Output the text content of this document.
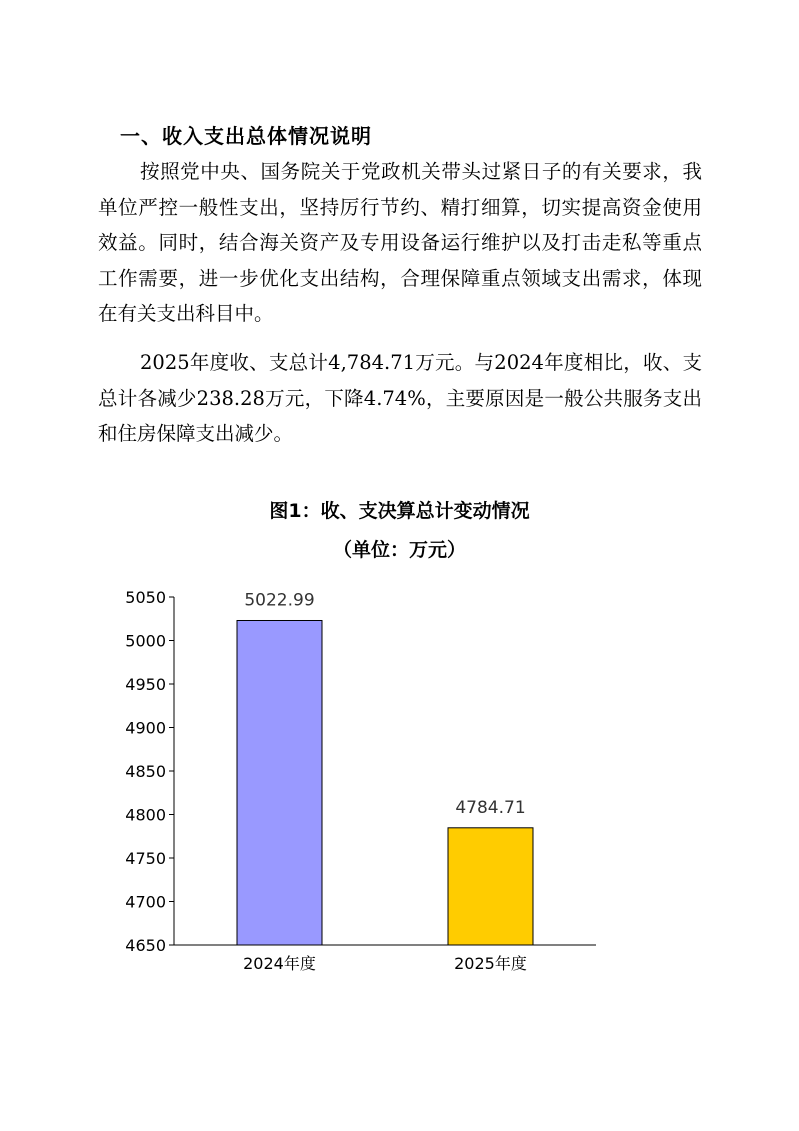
一、收入支出总体情况说明

按照党中央、国务院关于党政机关带头过紧日子的有关要求，我单位严控一般性支出，坚持厉行节约、精打细算，切实提高资金使用效益。同时，结合海关资产及专用设备运行维护以及打击走私等重点工作需要，进一步优化支出结构，合理保障重点领域支出需求，体现在有关支出科目中。

2025年度收、支总计4,784.71万元。与2024年度相比，收、支总计各减少238.28万元，下降4.74%，主要原因是一般公共服务支出和住房保障支出减少。

图1：收、支决算总计变动情况
（单位：万元）
4650
4700
4750
4800
4850
4900
4950
5000
5050	5022.99
2024年度
4784.71
2025年度
